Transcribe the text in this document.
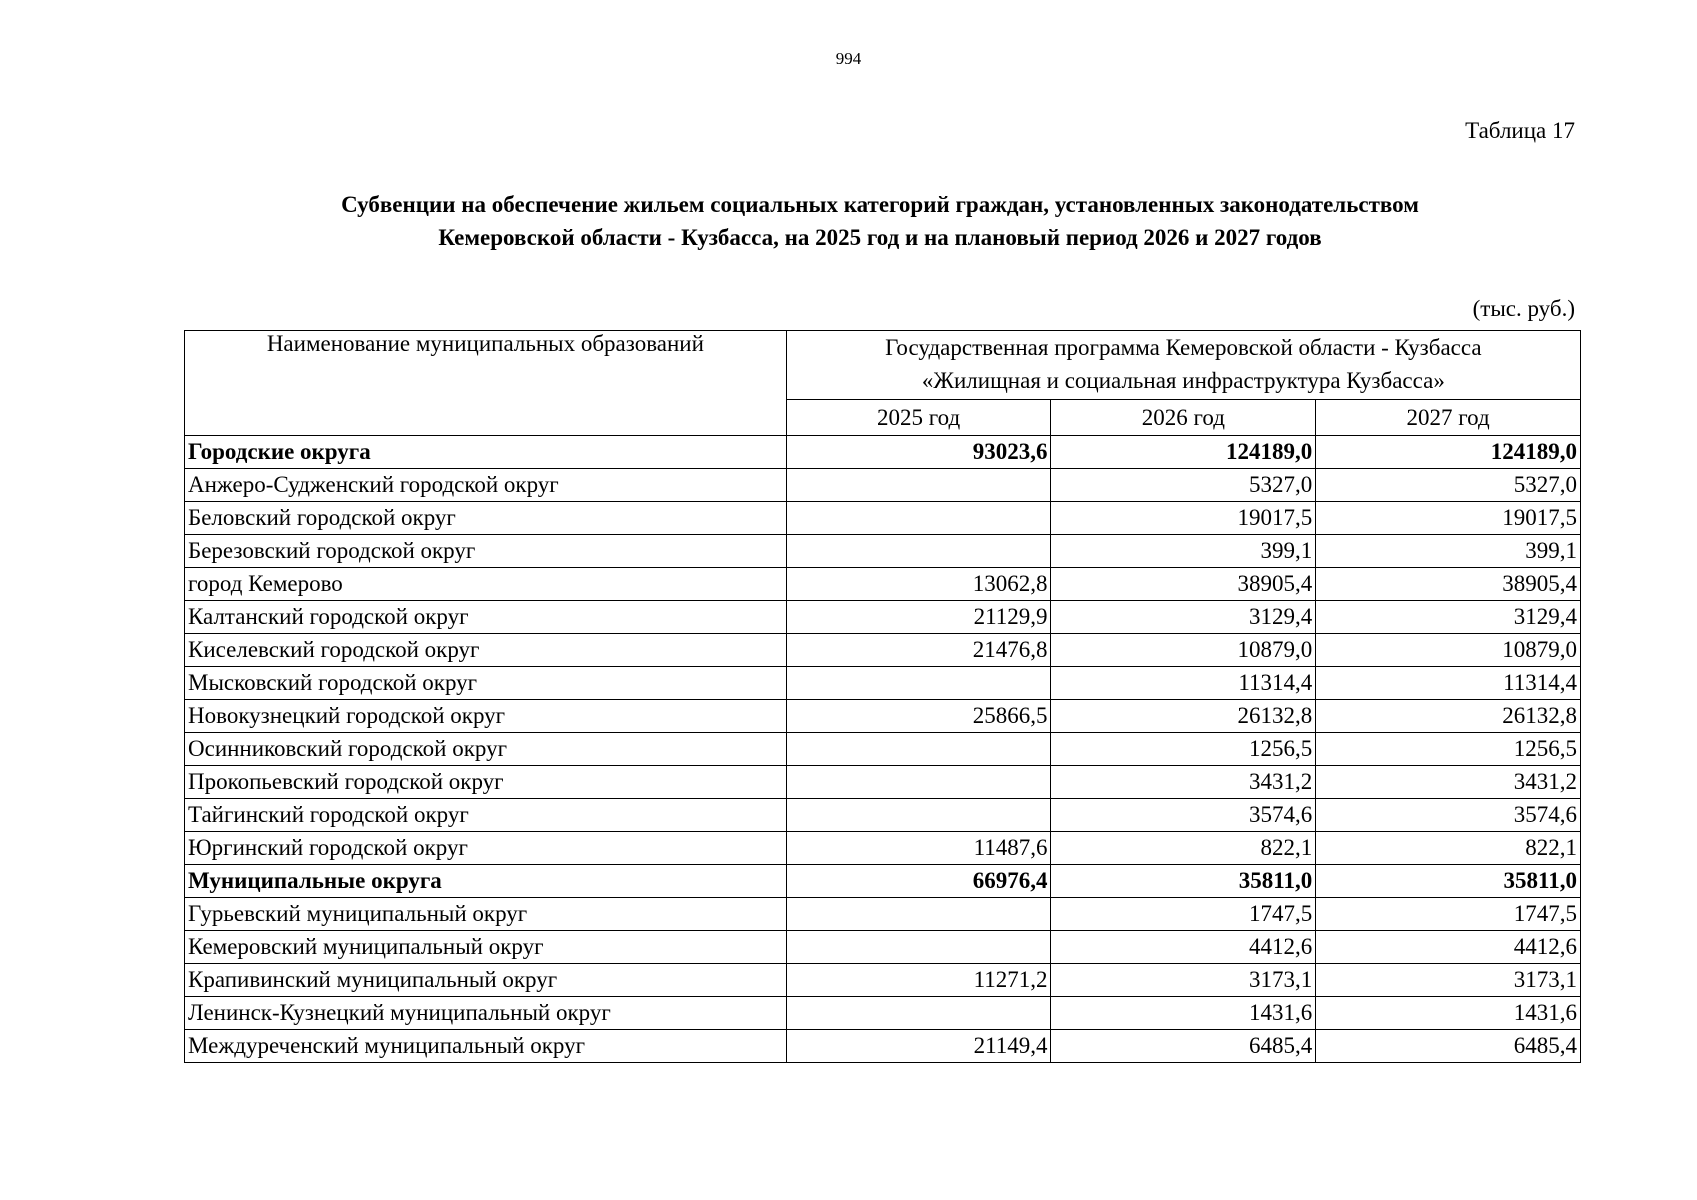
994
Таблица 17
Субвенции на обеспечение жильем социальных категорий граждан, установленных законодательством
Кемеровской области - Кузбасса, на 2025 год и на плановый период 2026 и 2027 годов
(тыс. руб.)
Наименование муниципальных образований	Государственная программа Кемеровской области - Кузбасса
«Жилищная и социальная инфраструктура Кузбасса»		

	2025 год	2026 год	2027 год
Городские округа	93023,6	124189,0	124189,0
Анжеро-Судженский городской округ		5327,0	5327,0
Беловский городской округ		19017,5	19017,5
Березовский городской округ		399,1	399,1
город Кемерово	13062,8	38905,4	38905,4
Калтанский городской округ	21129,9	3129,4	3129,4
Киселевский городской округ	21476,8	10879,0	10879,0
Мысковский городской округ		11314,4	11314,4
Новокузнецкий городской округ	25866,5	26132,8	26132,8
Осинниковский городской округ		1256,5	1256,5
Прокопьевский городской округ		3431,2	3431,2
Тайгинский городской округ		3574,6	3574,6
Юргинский городской округ	11487,6	822,1	822,1
Муниципальные округа	66976,4	35811,0	35811,0
Гурьевский муниципальный округ		1747,5	1747,5
Кемеровский муниципальный округ		4412,6	4412,6
Крапивинский муниципальный округ	11271,2	3173,1	3173,1
Ленинск-Кузнецкий муниципальный округ		1431,6	1431,6
Междуреченский муниципальный округ	21149,4	6485,4	6485,4
